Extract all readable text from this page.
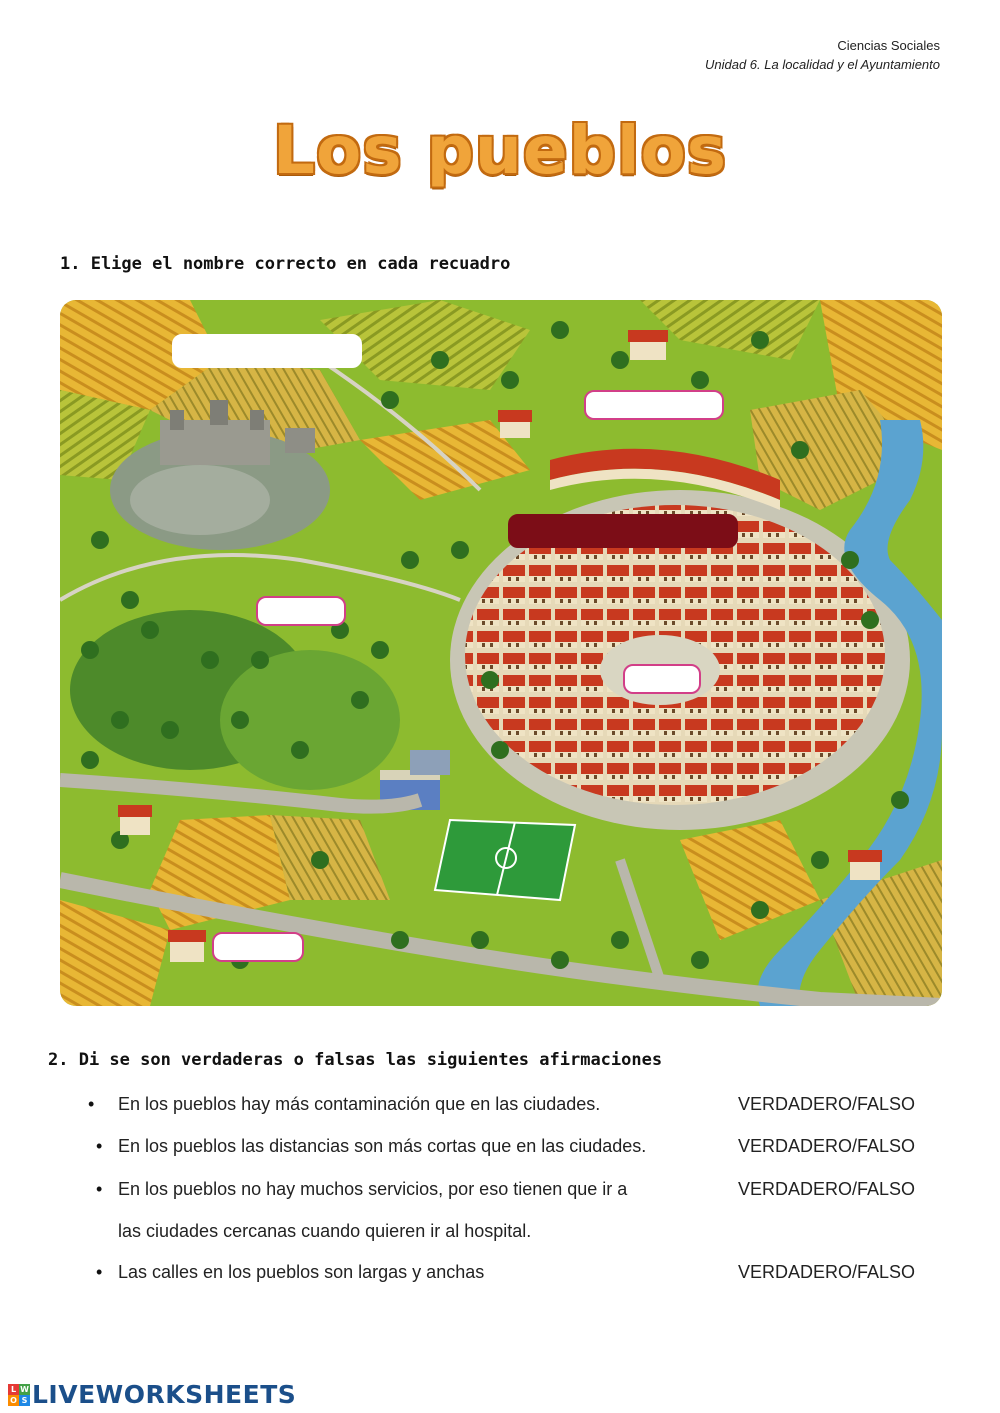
Ciencias Sociales
Unidad 6. La localidad y el Ayuntamiento
Los pueblos
1. Elige el nombre correcto en cada recuadro
2. Di se son verdaderas o falsas las siguientes afirmaciones
• En los pueblos hay más contaminación que en las ciudades.	VERDADERO/FALSO
• En los pueblos las distancias son más cortas que en las ciudades.	VERDADERO/FALSO
• En los pueblos no hay muchos servicios, por eso tienen que ir a
las ciudades cercanas cuando quieren ir al hospital.
VERDADERO/FALSO
• Las calles en los pueblos son largas y anchas	VERDADERO/FALSO
L W
O S LIVEWORKSHEETS
